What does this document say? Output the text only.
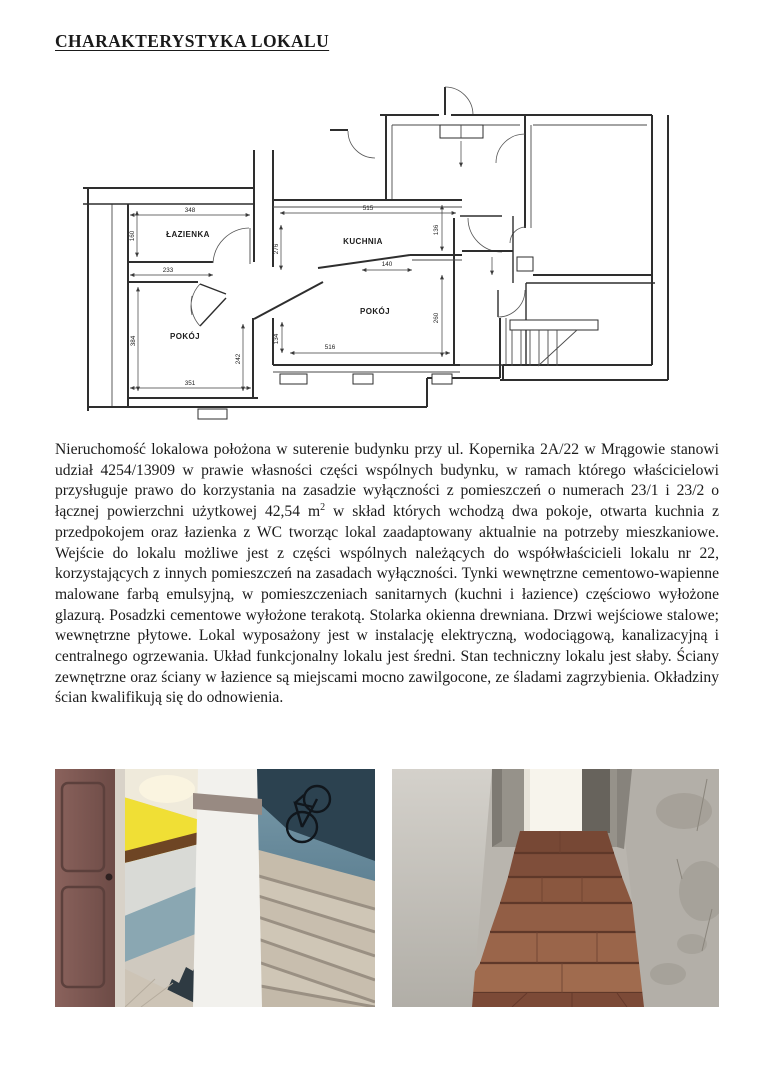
CHARAKTERYSTYKA LOKALU
348
160
233
384
242
351
515
276
136
140
260
516
134
ŁAZIENKA
KUCHNIA
POKÓJ
POKÓJ

Nieruchomość lokalowa położona w suterenie budynku przy ul. Kopernika 2A/22 w Mrągowie stanowi udział 4254/13909 w prawie własności części wspólnych budynku, w ramach którego właścicielowi przysługuje prawo do korzystania na zasadzie wyłączności z pomieszczeń o numerach 23/1 i 23/2 o łącznej powierzchni użytkowej 42,54 $m^2$ w skład których wchodzą dwa pokoje, otwarta kuchnia z przedpokojem oraz łazienka z WC tworząc lokal zaadaptowany aktualnie na potrzeby mieszkaniowe. Wejście do lokalu możliwe jest z części wspólnych należących do współwłaścicieli lokalu nr 22, korzystających z innych pomieszczeń na zasadach wyłączności. Tynki wewnętrzne cementowo-wapienne malowane farbą emulsyjną, w pomieszczeniach sanitarnych (kuchni i łazience) częściowo wyłożone glazurą. Posadzki cementowe wyłożone terakotą. Stolarka okienna drewniana. Drzwi wejściowe stalowe; wewnętrzne płytowe. Lokal wyposażony jest w instalację elektryczną, wodociągową, kanalizacyjną i centralnego ogrzewania. Układ funkcjonalny lokalu jest średni. Stan techniczny lokalu jest słaby. Ściany zewnętrzne oraz ściany w łazience są miejscami mocno zawilgocone, ze śladami zagrzybienia. Okładziny ścian kwalifikują się do odnowienia.
